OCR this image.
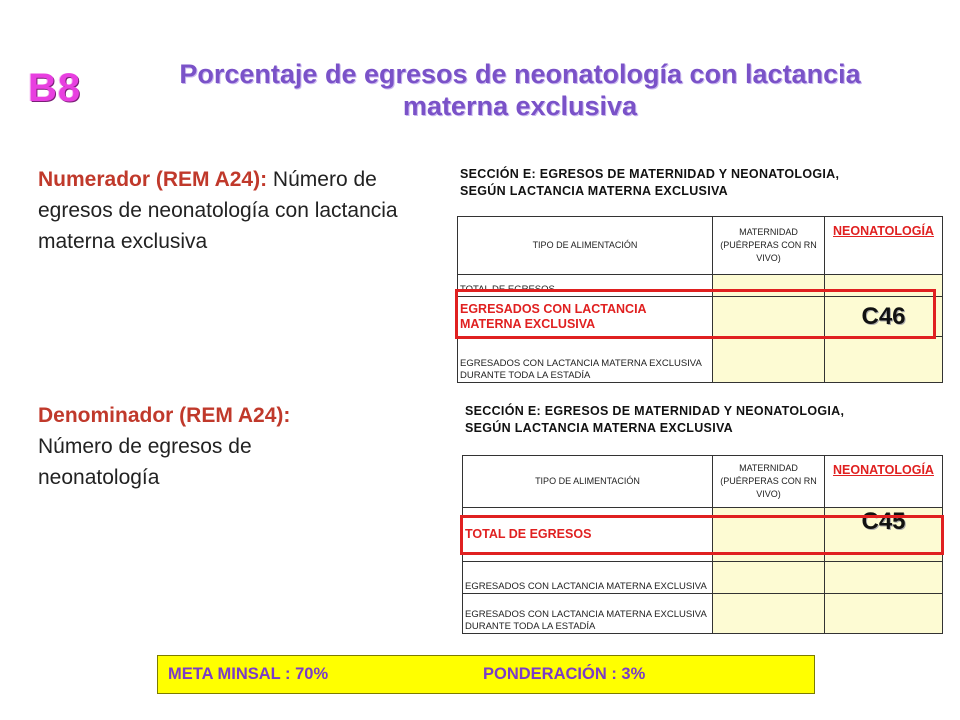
B8	Porcentaje de egresos de neonatología con lactancia materna exclusiva
Numerador (REM A24): Número de egresos de neonatología con lactancia materna exclusiva
Denominador (REM A24):
Número de egresos de neonatología
SECCIÓN E: EGRESOS DE MATERNIDAD Y NEONATOLOGIA, SEGÚN LACTANCIA MATERNA EXCLUSIVA
TIPO DE ALIMENTACIÓN	MATERNIDAD (PUÉRPERAS CON RN VIVO)	NEONATOLOGÍA
TOTAL DE EGRESOS		
EGRESADOS CON LACTANCIA MATERNA EXCLUSIVA		C46
EGRESADOS CON LACTANCIA MATERNA EXCLUSIVA DURANTE TODA LA ESTADÍA		
SECCIÓN E: EGRESOS DE MATERNIDAD Y NEONATOLOGIA, SEGÚN LACTANCIA MATERNA EXCLUSIVA
TIPO DE ALIMENTACIÓN	MATERNIDAD (PUÉRPERAS CON RN VIVO)	NEONATOLOGÍA
TOTAL DE EGRESOS		C45
EGRESADOS CON LACTANCIA MATERNA EXCLUSIVA		
EGRESADOS CON LACTANCIA MATERNA EXCLUSIVA DURANTE TODA LA ESTADÍA		
META MINSAL : 70%	PONDERACIÓN : 3%
